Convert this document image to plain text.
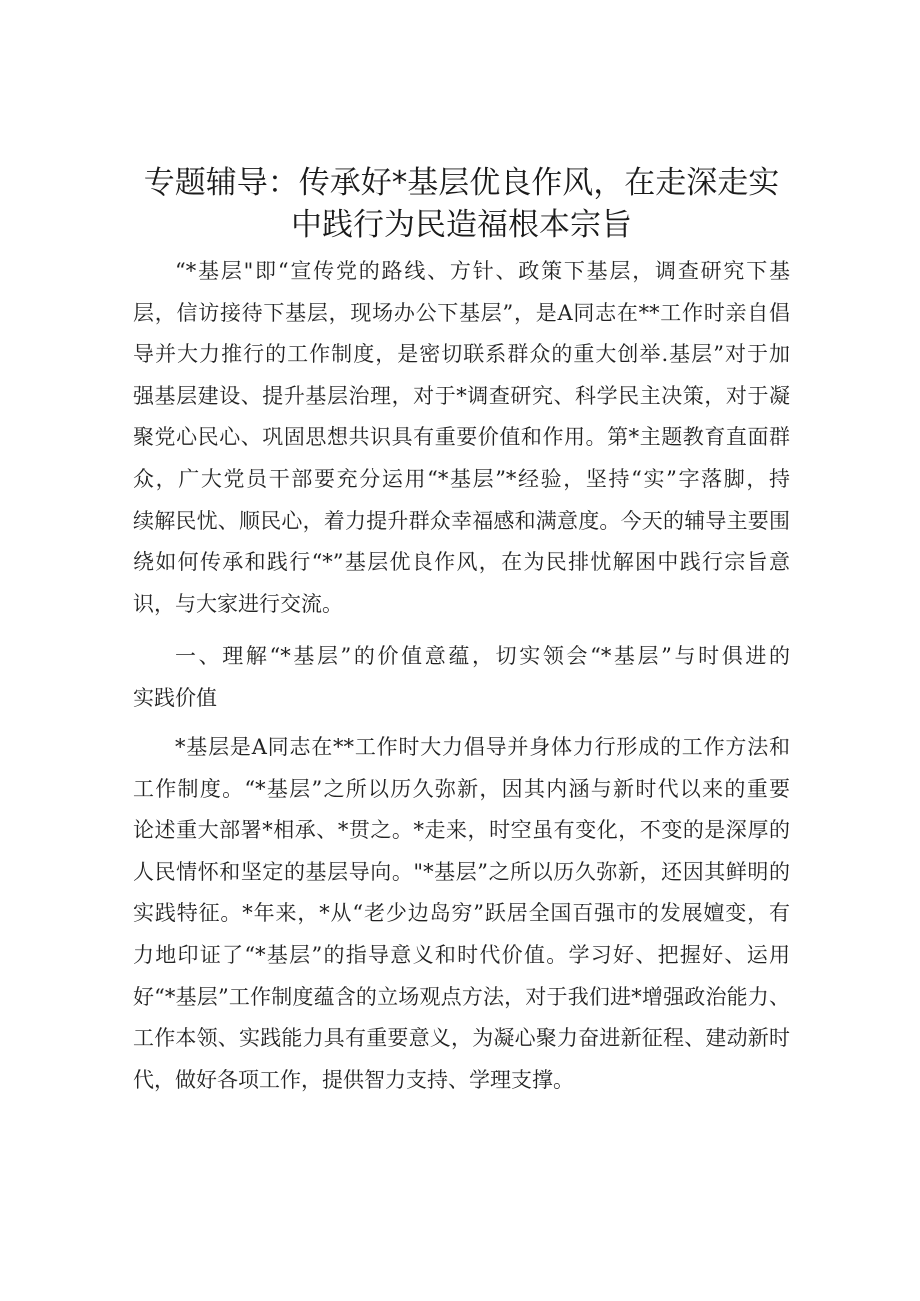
专题辅导：传承好*基层优良作风，在走深走实
中践行为民造福根本宗旨
“*基层"即“宣传党的路线、方针、政策下基层，调查研究下基
层，信访接待下基层，现场办公下基层”，是A同志在**工作时亲自倡
导并大力推行的工作制度，是密切联系群众的重大创举.基层”对于加
强基层建设、提升基层治理，对于*调查研究、科学民主决策，对于凝
聚党心民心、巩固思想共识具有重要价值和作用。第*主题教育直面群
众，广大党员干部要充分运用“*基层”*经验，坚持“实”字落脚，持
续解民忧、顺民心，着力提升群众幸福感和满意度。今天的辅导主要围
绕如何传承和践行“*”基层优良作风，在为民排忧解困中践行宗旨意
识，与大家进行交流。
一、理解“*基层”的价值意蕴，切实领会“*基层”与时俱进的
实践价值
*基层是A同志在**工作时大力倡导并身体力行形成的工作方法和
工作制度。“*基层”之所以历久弥新，因其内涵与新时代以来的重要
论述重大部署*相承、*贯之。*走来，时空虽有变化，不变的是深厚的
人民情怀和坚定的基层导向。"*基层”之所以历久弥新，还因其鲜明的
实践特征。*年来，*从“老少边岛穷”跃居全国百强市的发展嬗变，有
力地印证了“*基层”的指导意义和时代价值。学习好、把握好、运用
好“*基层”工作制度蕴含的立场观点方法，对于我们进*增强政治能力、
工作本领、实践能力具有重要意义，为凝心聚力奋进新征程、建动新时
代，做好各项工作，提供智力支持、学理支撑。
